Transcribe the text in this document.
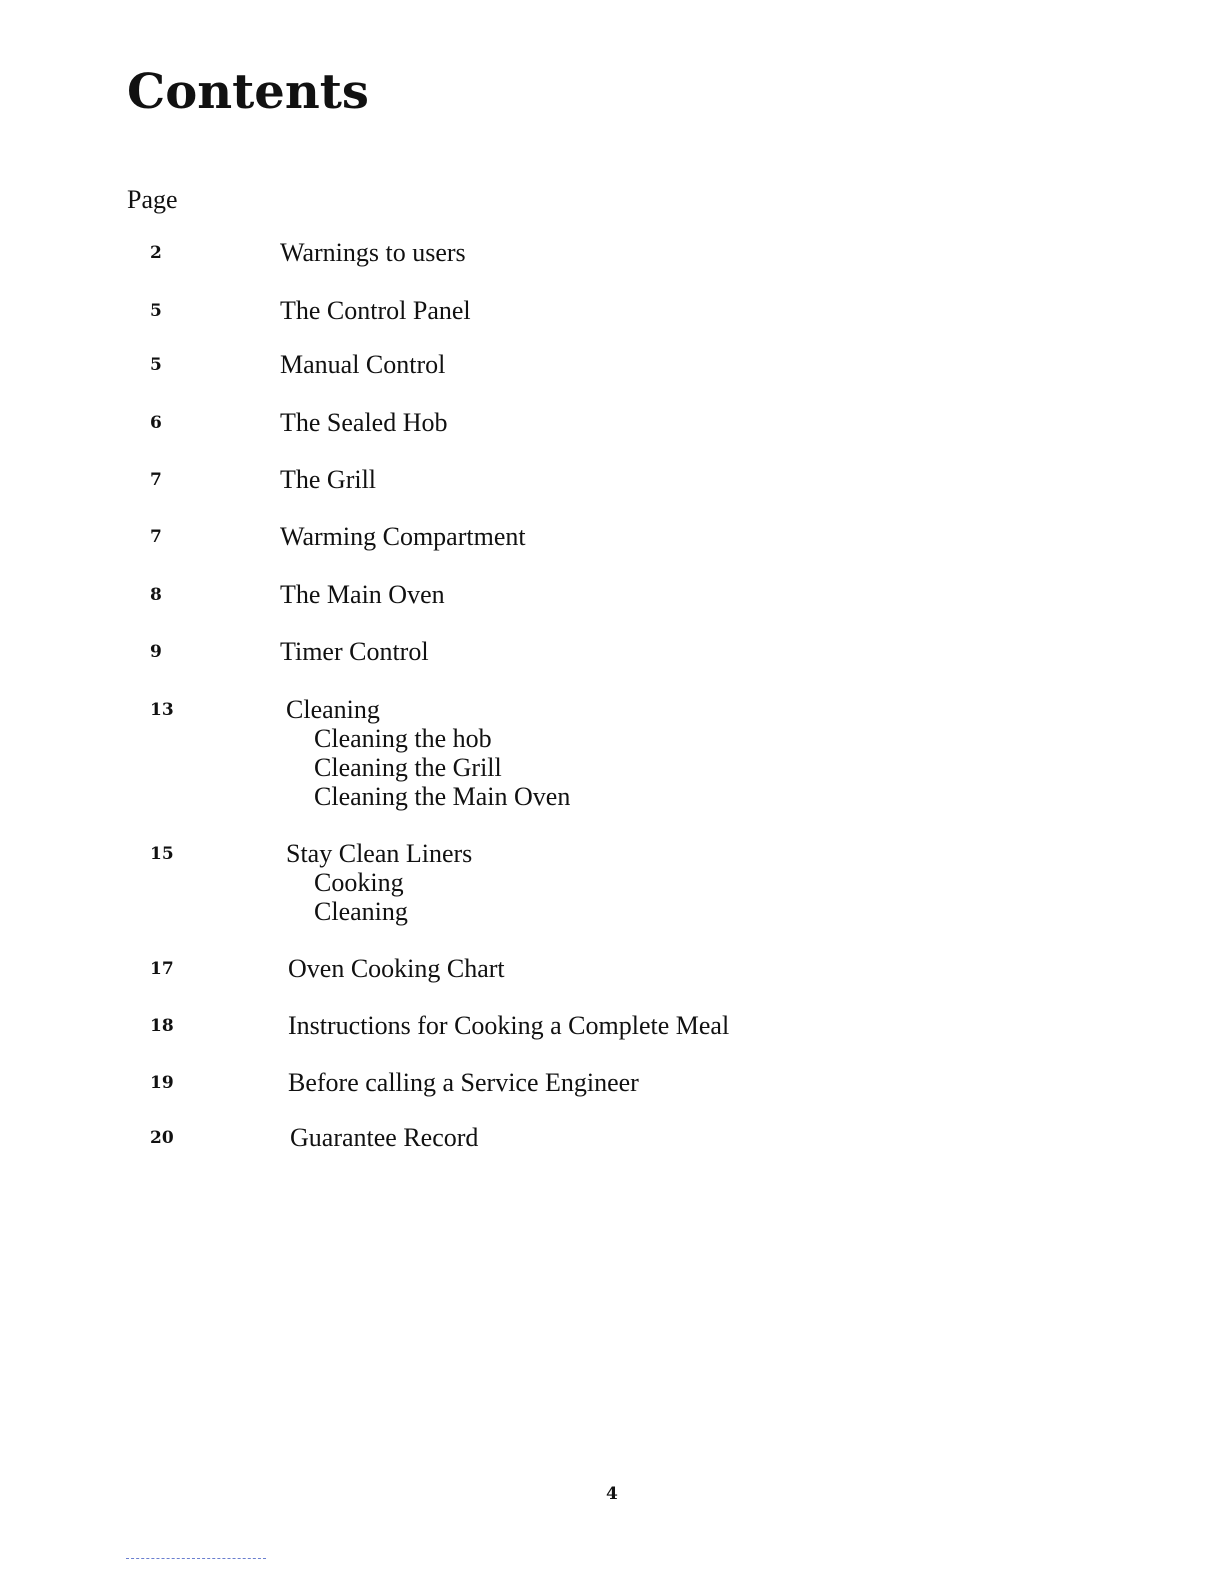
Contents
Page
2	Warnings to users
5	The Control Panel
5	Manual Control
6	The Sealed Hob
7	The Grill
7	Warming Compartment
8	The Main Oven
9	Timer Control
13	Cleaning
Cleaning the hob
Cleaning the Grill
Cleaning the Main Oven
15	Stay Clean Liners
Cooking
Cleaning
17	Oven Cooking Chart
18	Instructions for Cooking a Complete Meal
19	Before calling a Service Engineer
20	Guarantee Record
4
